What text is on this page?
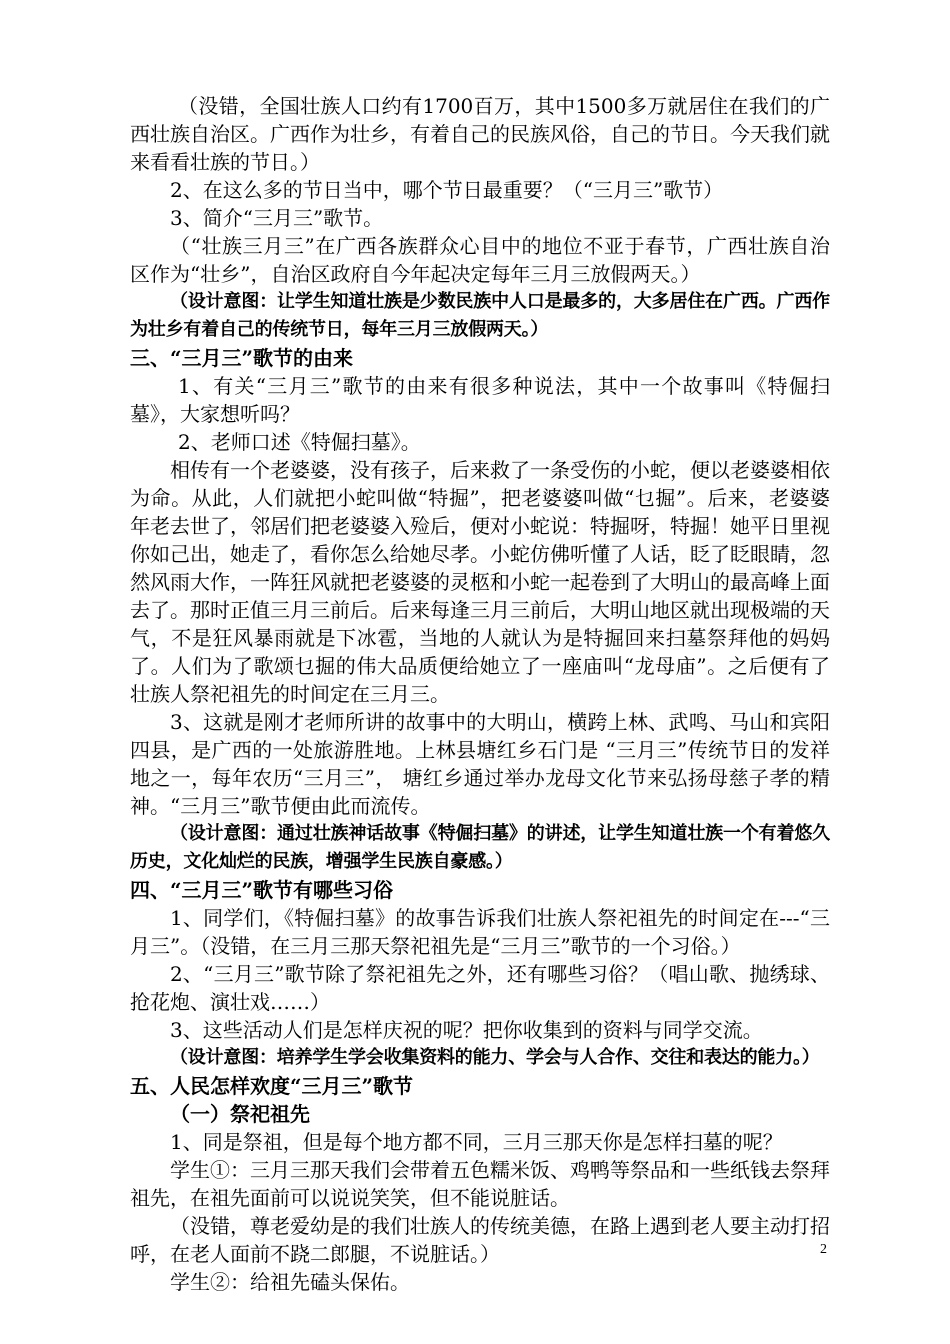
（没错，全国壮族人口约有1700百万，其中1500多万就居住在我们的广西壮族自治区。广西作为壮乡，有着自己的民族风俗，自己的节日。今天我们就来看看壮族的节日。）

2、在这么多的节日当中，哪个节日最重要？（“三月三”歌节）

3、简介“三月三”歌节。

（“壮族三月三”在广西各族群众心目中的地位不亚于春节，广西壮族自治区作为“壮乡”，自治区政府自今年起决定每年三月三放假两天。）

（设计意图：让学生知道壮族是少数民族中人口是最多的，大多居住在广西。广西作为壮乡有着自己的传统节日，每年三月三放假两天。）

三、“三月三”歌节的由来

1、有关“三月三”歌节的由来有很多种说法，其中一个故事叫《特倔扫墓》，大家想听吗？

2、老师口述《特倔扫墓》。

相传有一个老婆婆，没有孩子，后来救了一条受伤的小蛇，便以老婆婆相依为命。从此，人们就把小蛇叫做“特掘”，把老婆婆叫做“乜掘”。后来，老婆婆年老去世了，邻居们把老婆婆入殓后，便对小蛇说：特掘呀，特掘！她平日里视你如己出，她走了，看你怎么给她尽孝。小蛇仿佛听懂了人话，眨了眨眼睛，忽然风雨大作，一阵狂风就把老婆婆的灵柩和小蛇一起卷到了大明山的最高峰上面去了。那时正值三月三前后。后来每逢三月三前后，大明山地区就出现极端的天气，不是狂风暴雨就是下冰雹，当地的人就认为是特掘回来扫墓祭拜他的妈妈了。人们为了歌颂乜掘的伟大品质便给她立了一座庙叫“龙母庙”。之后便有了壮族人祭祀祖先的时间定在三月三。

3、这就是刚才老师所讲的故事中的大明山，横跨上林、武鸣、马山和宾阳四县，是广西的一处旅游胜地。上林县塘红乡石门是 “三月三”传统节日的发祥地之一，每年农历“三月三”， 塘红乡通过举办龙母文化节来弘扬母慈子孝的精神。“三月三”歌节便由此而流传。

（设计意图：通过壮族神话故事《特倔扫墓》的讲述，让学生知道壮族一个有着悠久历史，文化灿烂的民族，增强学生民族自豪感。）

四、“三月三”歌节有哪些习俗

1、同学们，《特倔扫墓》的故事告诉我们壮族人祭祀祖先的时间定在---“三月三”。（没错，在三月三那天祭祀祖先是“三月三”歌节的一个习俗。）

2、“三月三”歌节除了祭祀祖先之外，还有哪些习俗？（唱山歌、抛绣球、抢花炮、演壮戏……）

3、这些活动人们是怎样庆祝的呢？把你收集到的资料与同学交流。

（设计意图：培养学生学会收集资料的能力、学会与人合作、交往和表达的能力。）

五、人民怎样欢度“三月三”歌节

（一）祭祀祖先

1、同是祭祖，但是每个地方都不同，三月三那天你是怎样扫墓的呢？

学生①：三月三那天我们会带着五色糯米饭、鸡鸭等祭品和一些纸钱去祭拜祖先，在祖先面前可以说说笑笑，但不能说脏话。

（没错，尊老爱幼是的我们壮族人的传统美德，在路上遇到老人要主动打招呼，在老人面前不跷二郎腿，不说脏话。）

学生②：给祖先磕头保佑。

2
